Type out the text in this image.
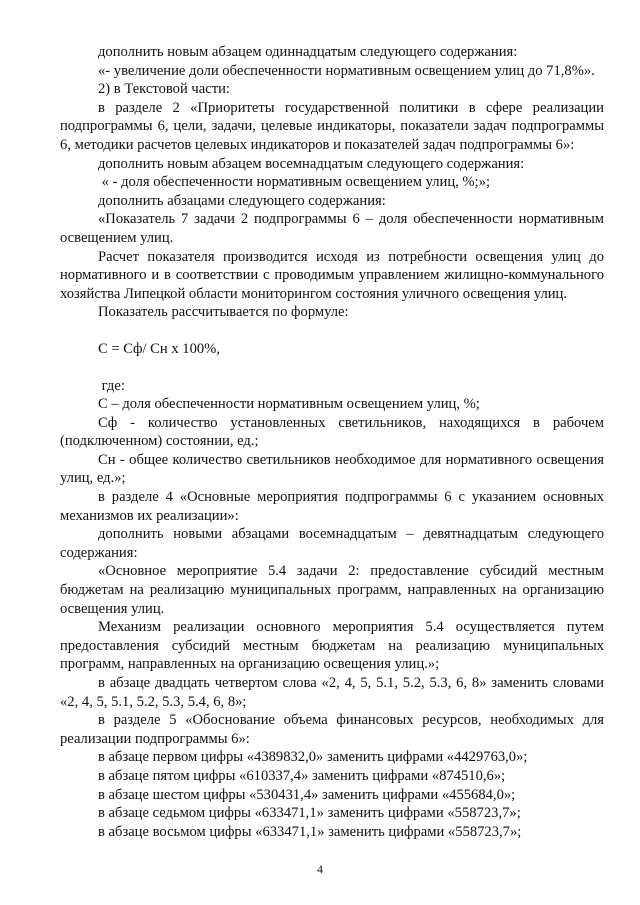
дополнить новым абзацем одиннадцатым следующего содержания:

«- увеличение доли обеспеченности нормативным освещением улиц до 71,8%».

2) в Текстовой части:

в разделе 2 «Приоритеты государственной политики в сфере реализации подпрограммы 6, цели, задачи, целевые индикаторы, показатели задач подпрограммы 6, методики расчетов целевых индикаторов и показателей задач подпрограммы 6»:

дополнить новым абзацем восемнадцатым следующего содержания:

« - доля обеспеченности нормативным освещением улиц, %;»;

дополнить абзацами следующего содержания:

«Показатель 7 задачи 2 подпрограммы 6 – доля обеспеченности нормативным освещением улиц.

Расчет показателя производится исходя из потребности освещения улиц до нормативного и в соответствии с проводимым управлением жилищно-коммунального хозяйства Липецкой области мониторингом состояния уличного освещения улиц.

Показатель рассчитывается по формуле:

С = Сф/ Сн х 100%,

где:

С – доля обеспеченности нормативным освещением улиц, %;

Сф - количество установленных светильников, находящихся в рабочем (подключенном) состоянии, ед.;

Сн - общее количество светильников необходимое для нормативного освещения улиц, ед.»;

в разделе 4 «Основные мероприятия подпрограммы 6 с указанием основных механизмов их реализации»:

дополнить новыми абзацами восемнадцатым – девятнадцатым следующего содержания:

«Основное мероприятие 5.4 задачи 2: предоставление субсидий местным бюджетам на реализацию муниципальных программ, направленных на организацию освещения улиц.

Механизм реализации основного мероприятия 5.4 осуществляется путем предоставления субсидий местным бюджетам на реализацию муниципальных программ, направленных на организацию освещения улиц.»;

в абзаце двадцать четвертом слова «2, 4, 5, 5.1, 5.2, 5.3, 6, 8» заменить словами «2, 4, 5, 5.1, 5.2, 5.3, 5.4, 6, 8»;

в разделе 5 «Обоснование объема финансовых ресурсов, необходимых для реализации подпрограммы 6»:

в абзаце первом цифры «4389832,0» заменить цифрами «4429763,0»;

в абзаце пятом цифры «610337,4» заменить цифрами «874510,6»;

в абзаце шестом цифры «530431,4» заменить цифрами «455684,0»;

в абзаце седьмом цифры «633471,1» заменить цифрами «558723,7»;

в абзаце восьмом цифры «633471,1» заменить цифрами «558723,7»;

4
